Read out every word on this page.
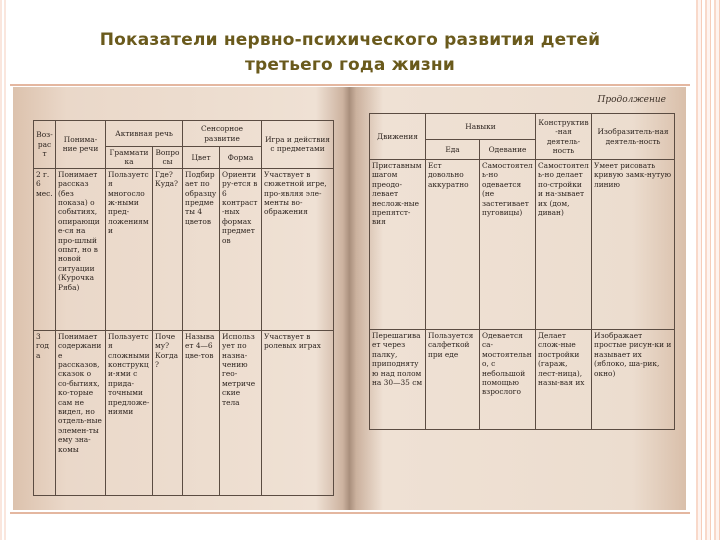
Показатели нервно-психического развития детей
третьего года жизни
Воз-раст	Понима-ние речи	Активная речь		Сенсорное развитие		Игра и действия с предметами
		Грамматика	Вопросы	Цвет	Форма	
2 г. 6 мес.	Понимает рассказ (без показа) о событиях, опирающие-ся на про-шлый опыт, но в новой ситуации (Курочка Ряба)	Пользуется многослож-ными пред-ложениями	Где? Куда?	Подбирает по образцу предметы 4 цветов	Ориентиру-ется в 6 контраст-ных формах предметов	Участвует в сюжетной игре, про-являя эле-менты во-ображения
3 года	Понимает содержание рассказов, сказок о со-бытиях, ко-торые сам не видел, но отдель-ные элемен-ты ему зна-комы	Пользуется сложными конструкци-ями с прида-точными предложе-ниями	Почему? Когда?	Называет 4—6 цве-тов	Использует по назна-чению гео-метрические тела	Участвует в ролевых играх
Продолжение
Движения	Навыки		Конструктив-ная деятель-ность	Изобразитель-ная деятель-ность
	Еда	Одевание		
Приставным шагом преодо-левает неслож-ные препятст-вия	Ест довольно аккуратно	Самостоятель-но одевается (не застегивает пуговицы)	Самостоятель-но делает по-стройки и на-зывает их (дом, диван)	Умеет рисовать кривую замк-нутую линию
Перешагивает через палку, приподнятую над полом на 30—35 см	Пользуется салфеткой при еде	Одевается са-мостоятельно, с небольшой помощью взрослого	Делает слож-ные постройки (гараж, лест-ница), назы-вая их	Изображает простые рисун-ки и называет их (яблоко, ша-рик, окно)
